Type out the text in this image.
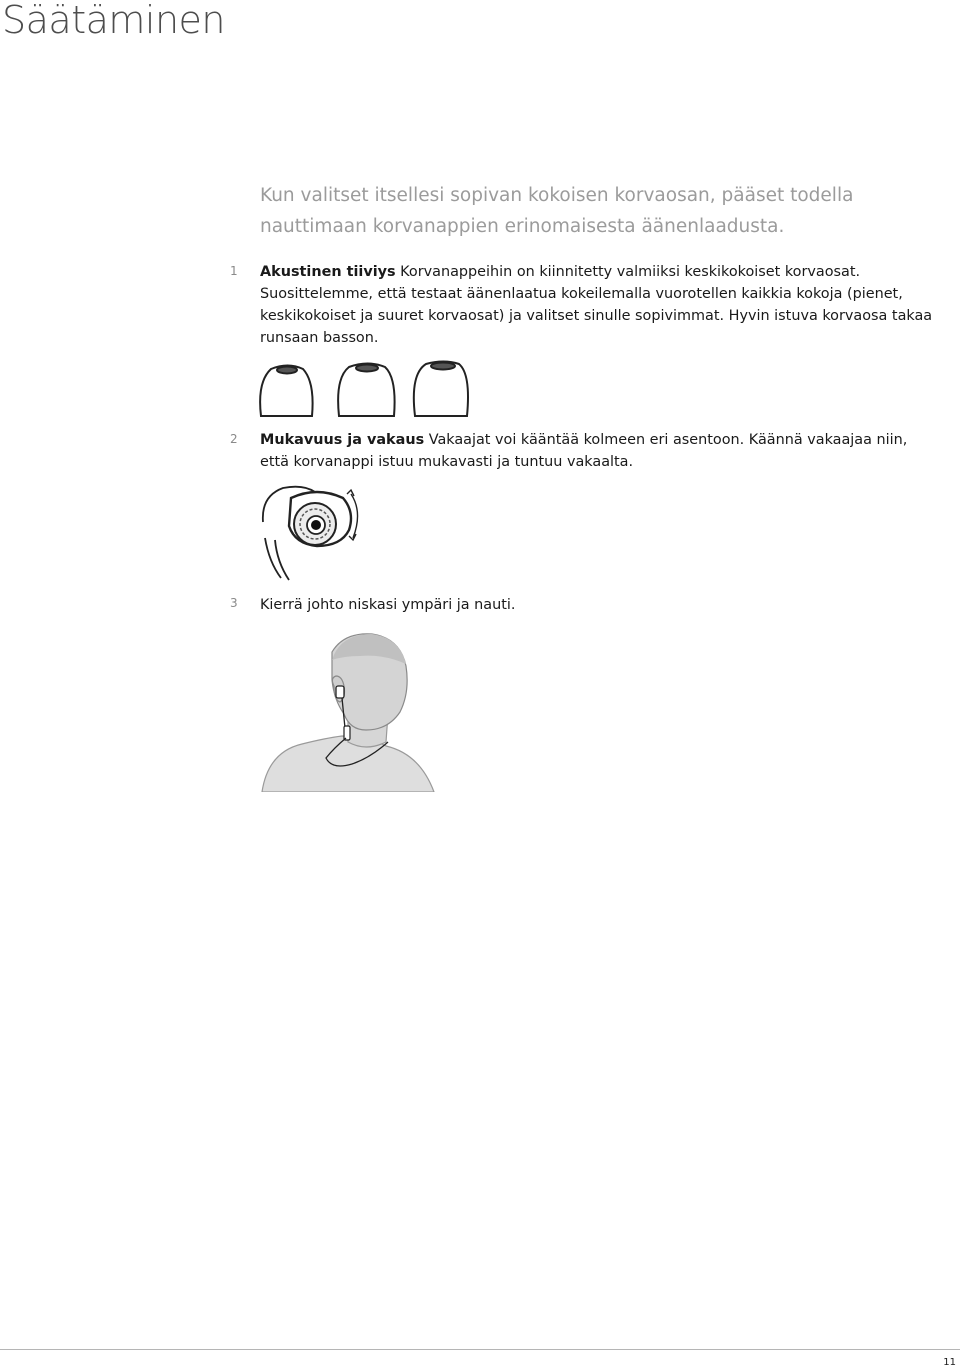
Säätäminen

Kun valitset itsellesi sopivan kokoisen korvaosan, pääset todella nauttimaan korvanappien erinomaisesta äänenlaadusta.

1 Akustinen tiiviys Korvanappeihin on kiinnitetty valmiiksi keskikokoiset korvaosat. Suosittelemme, että testaat äänenlaatua kokeilemalla vuorotellen kaikkia kokoja (pienet, keskikokoiset ja suuret korvaosat) ja valitset sinulle sopivimmat. Hyvin istuva korvaosa takaa runsaan basson.

2 Mukavuus ja vakaus Vakaajat voi kääntää kolmeen eri asentoon. Käännä vakaajaa niin, että korvanappi istuu mukavasti ja tuntuu vakaalta.

3 Kierrä johto niskasi ympäri ja nauti.

11
